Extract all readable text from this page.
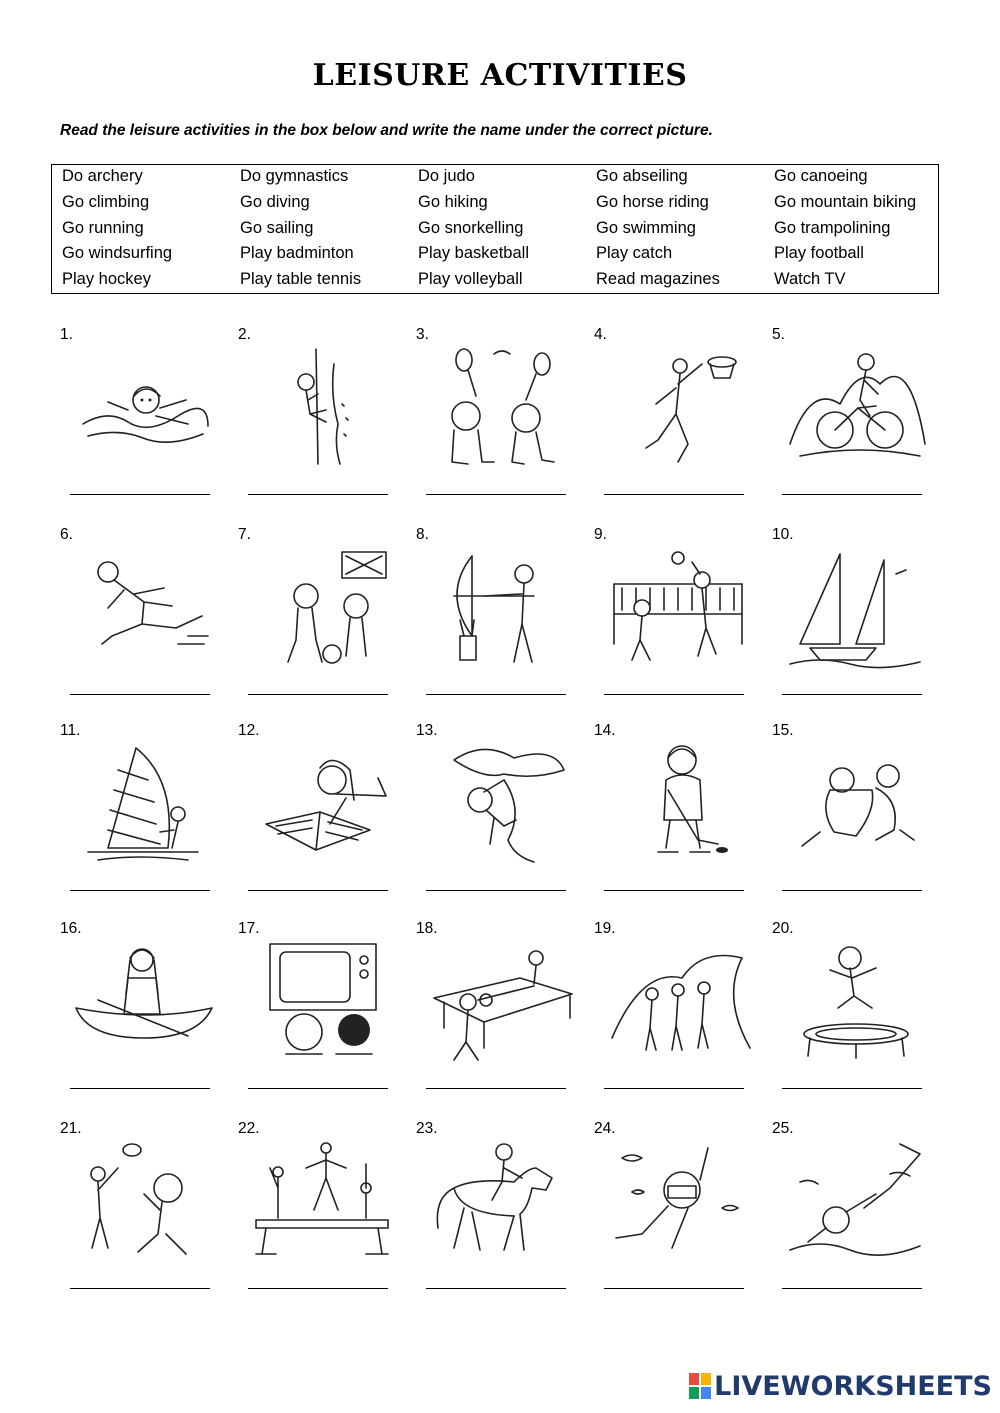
LEISURE ACTIVITIES
Read the leisure activities in the box below and write the name under the correct picture.
Do archery	Do gymnastics	Do judo	Go abseiling	Go canoeing
Go climbing	Go diving	Go hiking	Go horse riding	Go mountain biking
Go running	Go sailing	Go snorkelling	Go swimming	Go trampolining
Go windsurfing	Play badminton	Play basketball	Play catch	Play football
Play hockey	Play table tennis	Play volleyball	Read magazines	Watch TV
1.	2.	3.	4.	5.
6.	7.	8.	9.	10.
11.	12.	13.	14.	15.
16.	17.	18.	19.	20.
21.	22.	23.	24.	25.
LIVEWORKSHEETS
